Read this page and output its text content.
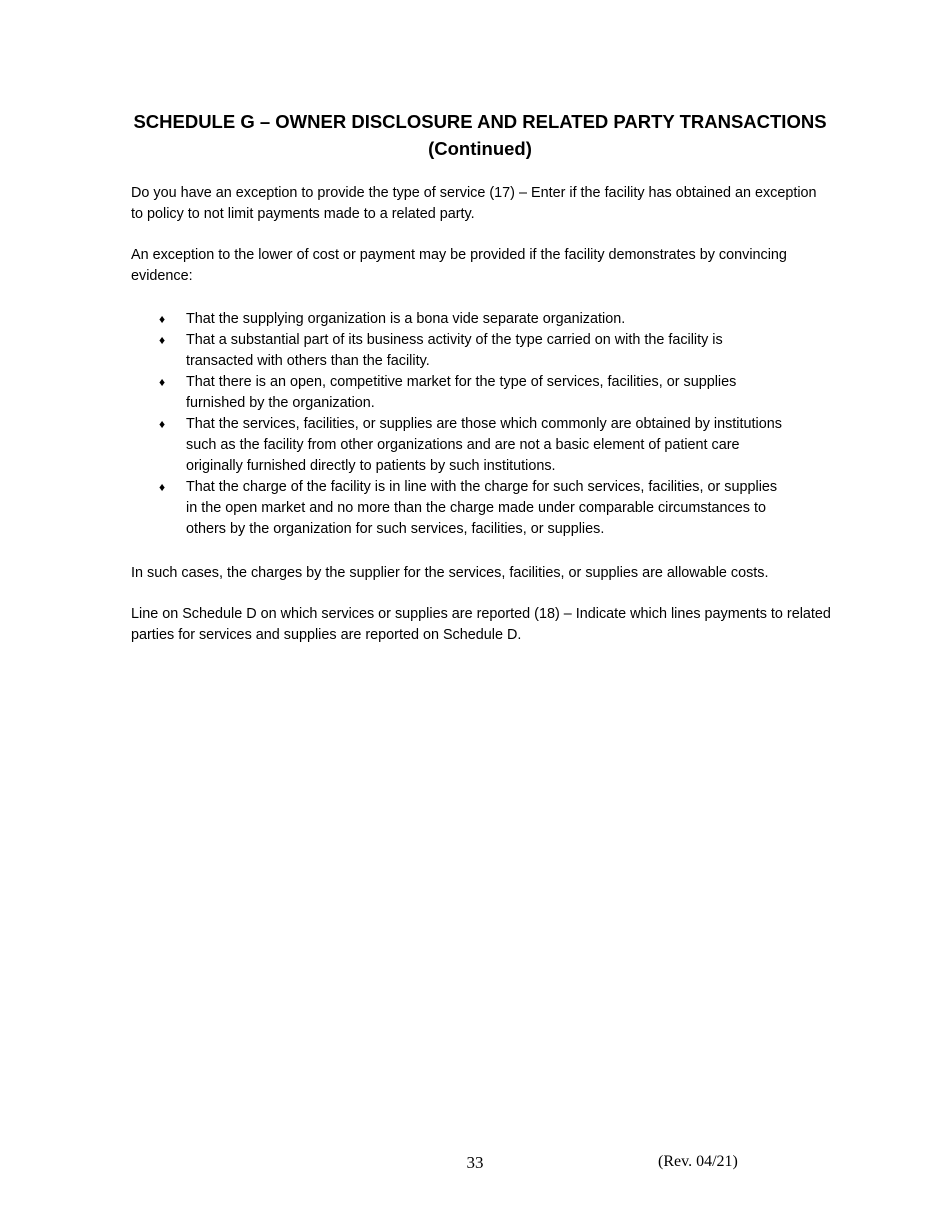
SCHEDULE G – OWNER DISCLOSURE AND RELATED PARTY TRANSACTIONS
(Continued)

Do you have an exception to provide the type of service (17) – Enter if the facility has obtained an exception to policy to not limit payments made to a related party.

An exception to the lower of cost or payment may be provided if the facility demonstrates by convincing evidence:

♦ That the supplying organization is a bona vide separate organization.
♦ That a substantial part of its business activity of the type carried on with the facility is transacted with others than the facility.
♦ That there is an open, competitive market for the type of services, facilities, or supplies furnished by the organization.
♦ That the services, facilities, or supplies are those which commonly are obtained by institutions such as the facility from other organizations and are not a basic element of patient care originally furnished directly to patients by such institutions.
♦ That the charge of the facility is in line with the charge for such services, facilities, or supplies in the open market and no more than the charge made under comparable circumstances to others by the organization for such services, facilities, or supplies.

In such cases, the charges by the supplier for the services, facilities, or supplies are allowable costs.

Line on Schedule D on which services or supplies are reported (18) – Indicate which lines payments to related parties for services and supplies are reported on Schedule D.

33	(Rev. 04/21)
